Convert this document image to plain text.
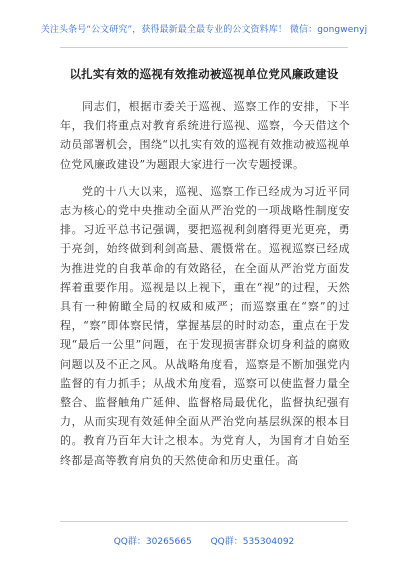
关注头条号“公文研究”，获得最新最全最专业的公文资料库！ 微信：gongwenyj
以扎实有效的巡视有效推动被巡视单位党风廉政建设

同志们，根据市委关于巡视、巡察工作的安排，下半年，我们将重点对教育系统进行巡视、巡察，今天借这个动员部署机会，围绕“以扎实有效的巡视有效推动被巡视单位党风廉政建设”为题跟大家进行一次专题授课。

党的十八大以来，巡视、巡察工作已经成为习近平同志为核心的党中央推动全面从严治党的一项战略性制度安排。习近平总书记强调，要把巡视利剑磨得更光更亮，勇于亮剑，始终做到利剑高悬、震慑常在。巡视巡察已经成为推进党的自我革命的有效路径，在全面从严治党方面发挥着重要作用。巡视是以上视下，重在“视”的过程，天然具有一种俯瞰全局的权威和威严；而巡察重在“察”的过程，“察”即体察民情，掌握基层的时时动态，重点在于发现“最后一公里”问题，在于发现损害群众切身利益的腐败问题以及不正之风。从战略角度看，巡察是不断加强党内监督的有力抓手；从战术角度看，巡察可以使监督力量全整合、监督触角广延伸、监督格局最优化，监督执纪强有力，从而实现有效延伸全面从严治党向基层纵深的根本目的。教育乃百年大计之根本。为党育人，为国育才自始至终都是高等教育肩负的天然使命和历史重任。高

QQ群：30265665 QQ群：535304092
